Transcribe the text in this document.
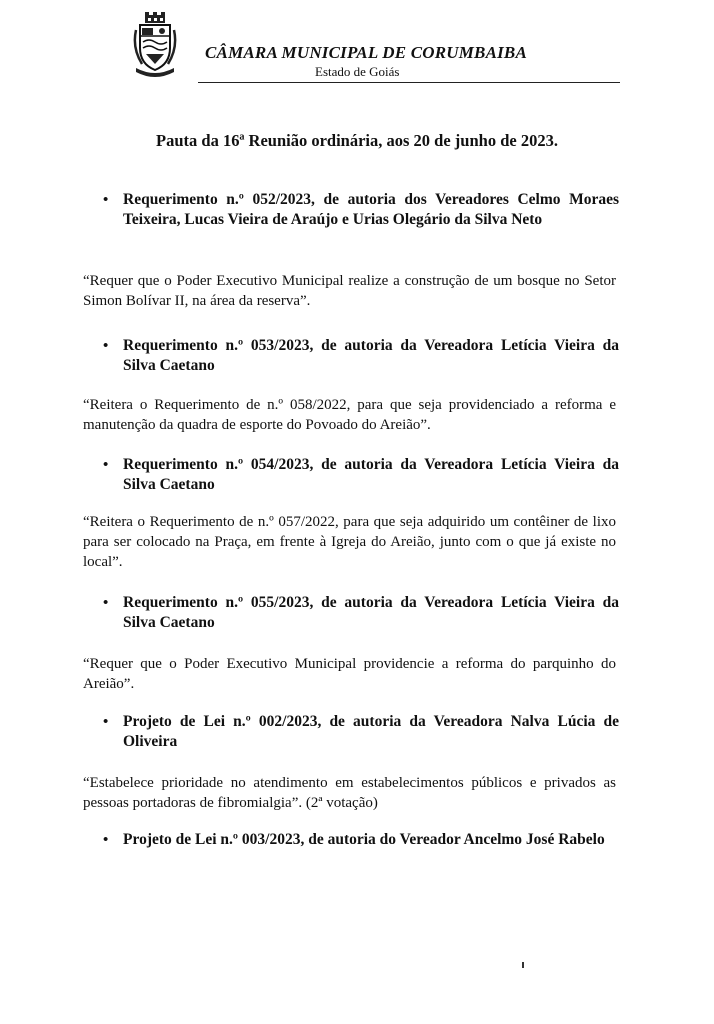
CÂMARA MUNICIPAL DE CORUMBAIBA
Estado de Goiás
Pauta da 16ª Reunião ordinária, aos 20 de junho de 2023.
• Requerimento n.º 052/2023, de autoria dos Vereadores Celmo Moraes Teixeira, Lucas Vieira de Araújo e Urias Olegário da Silva Neto
“Requer que o Poder Executivo Municipal realize a construção de um bosque no Setor Simon Bolívar II, na área da reserva”.
• Requerimento n.º 053/2023, de autoria da Vereadora Letícia Vieira da Silva Caetano
“Reitera o Requerimento de n.º 058/2022, para que seja providenciado a reforma e manutenção da quadra de esporte do Povoado do Areião”.
• Requerimento n.º 054/2023, de autoria da Vereadora Letícia Vieira da Silva Caetano
“Reitera o Requerimento de n.º 057/2022, para que seja adquirido um contêiner de lixo para ser colocado na Praça, em frente à Igreja do Areião, junto com o que já existe no local”.
• Requerimento n.º 055/2023, de autoria da Vereadora Letícia Vieira da Silva Caetano
“Requer que o Poder Executivo Municipal providencie a reforma do parquinho do Areião”.
• Projeto de Lei n.º 002/2023, de autoria da Vereadora Nalva Lúcia de Oliveira
“Estabelece prioridade no atendimento em estabelecimentos públicos e privados as pessoas portadoras de fibromialgia”. (2ª votação)
• Projeto de Lei n.º 003/2023, de autoria do Vereador Ancelmo José Rabelo
